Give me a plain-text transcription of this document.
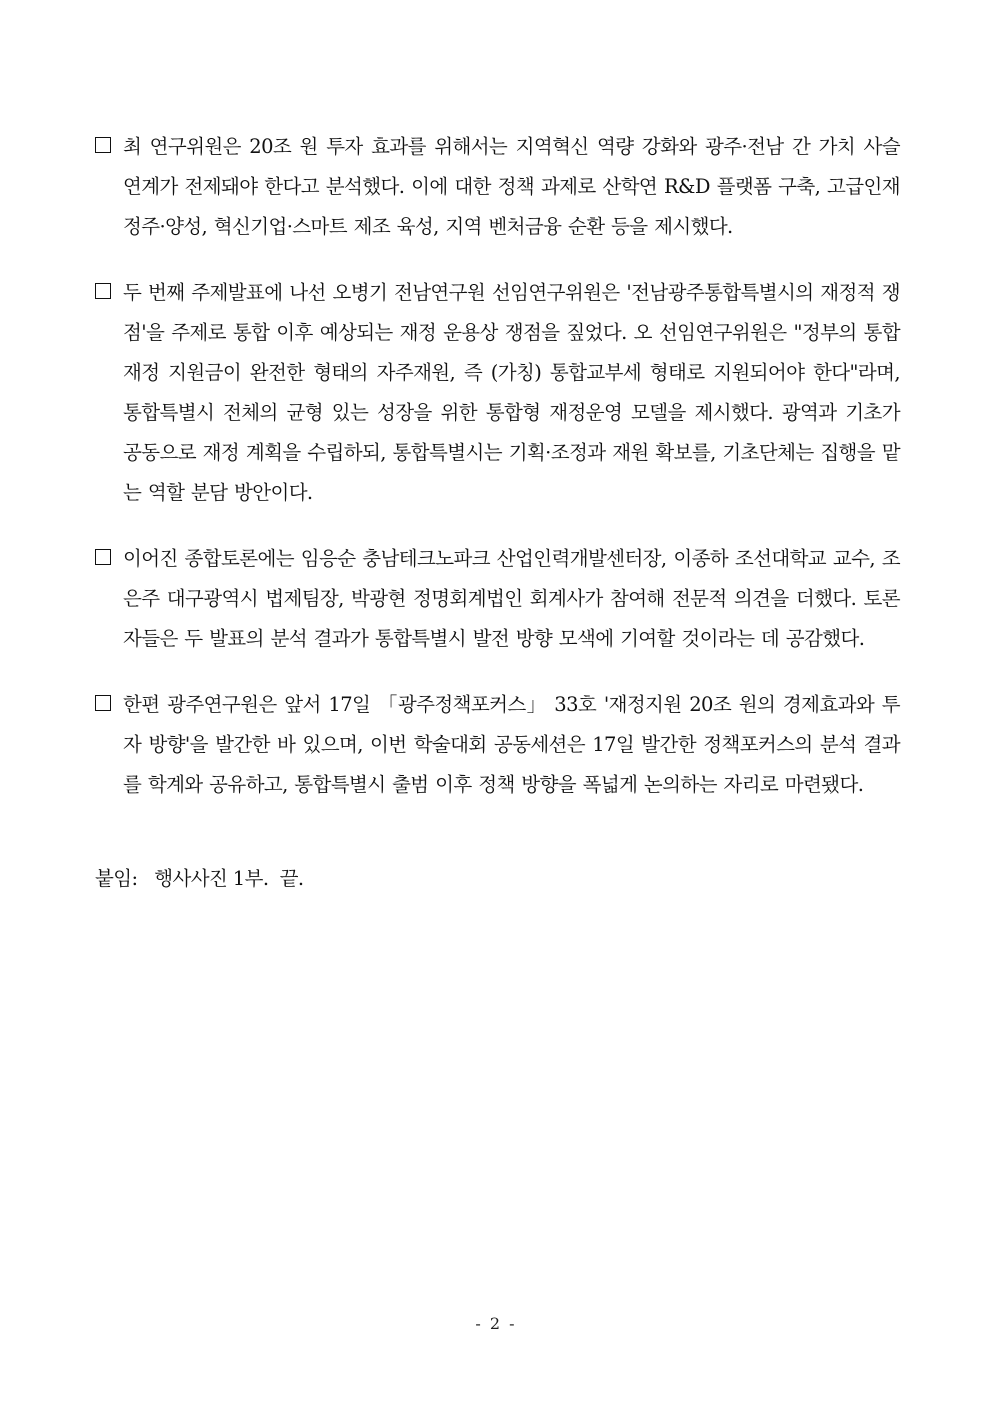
최 연구위원은 20조 원 투자 효과를 위해서는 지역혁신 역량 강화와 광주·전남 간 가치 사슬 연계가 전제돼야 한다고 분석했다. 이에 대한 정책 과제로 산학연 R&D 플랫폼 구축, 고급인재 정주·양성, 혁신기업·스마트 제조 육성, 지역 벤처금융 순환 등을 제시했다.

두 번째 주제발표에 나선 오병기 전남연구원 선임연구위원은 '전남광주통합특별시의 재정적 쟁점'을 주제로 통합 이후 예상되는 재정 운용상 쟁점을 짚었다. 오 선임연구위원은 "정부의 통합재정 지원금이 완전한 형태의 자주재원, 즉 (가칭) 통합교부세 형태로 지원되어야 한다"라며, 통합특별시 전체의 균형 있는 성장을 위한 통합형 재정운영 모델을 제시했다. 광역과 기초가 공동으로 재정 계획을 수립하되, 통합특별시는 기획·조정과 재원 확보를, 기초단체는 집행을 맡는 역할 분담 방안이다.

이어진 종합토론에는 임응순 충남테크노파크 산업인력개발센터장, 이종하 조선대학교 교수, 조은주 대구광역시 법제팀장, 박광현 정명회계법인 회계사가 참여해 전문적 의견을 더했다. 토론자들은 두 발표의 분석 결과가 통합특별시 발전 방향 모색에 기여할 것이라는 데 공감했다.

한편 광주연구원은 앞서 17일 「광주정책포커스」 33호 '재정지원 20조 원의 경제효과와 투자 방향'을 발간한 바 있으며, 이번 학술대회 공동세션은 17일 발간한 정책포커스의 분석 결과를 학계와 공유하고, 통합특별시 출범 이후 정책 방향을 폭넓게 논의하는 자리로 마련됐다.

붙임: 행사사진 1부. 끝.
- 2 -
